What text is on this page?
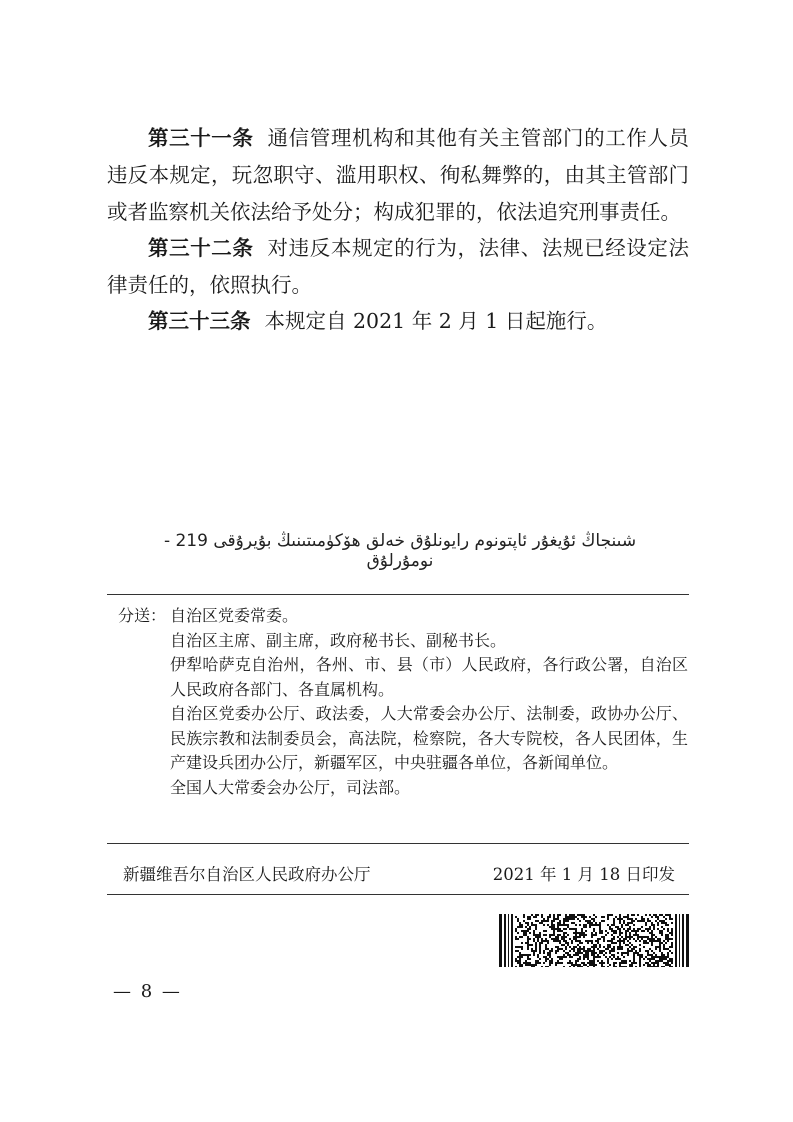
第三十一条 通信管理机构和其他有关主管部门的工作人员违反本规定，玩忽职守、滥用职权、徇私舞弊的，由其主管部门或者监察机关依法给予处分；构成犯罪的，依法追究刑事责任。

第三十二条 对违反本规定的行为，法律、法规已经设定法律责任的，依照执行。

第三十三条 本规定自 2021 年 2 月 1 日起施行。

شىنجاڭ ئۇيغۇر ئاپتونوم رايونلۇق خەلق ھۆكۈمىتىنىڭ بۇيرۇقى 219 - نومۇرلۇق
分送： 自治区党委常委。
自治区主席、副主席，政府秘书长、副秘书长。
伊犁哈萨克自治州，各州、市、县（市）人民政府，各行政公署，自治区人民政府各部门、各直属机构。
自治区党委办公厅、政法委，人大常委会办公厅、法制委，政协办公厅、民族宗教和法制委员会，高法院，检察院，各大专院校，各人民团体，生产建设兵团办公厅，新疆军区，中央驻疆各单位，各新闻单位。
全国人大常委会办公厅，司法部。
新疆维吾尔自治区人民政府办公厅	2021 年 1 月 18 日印发
— 8 —
